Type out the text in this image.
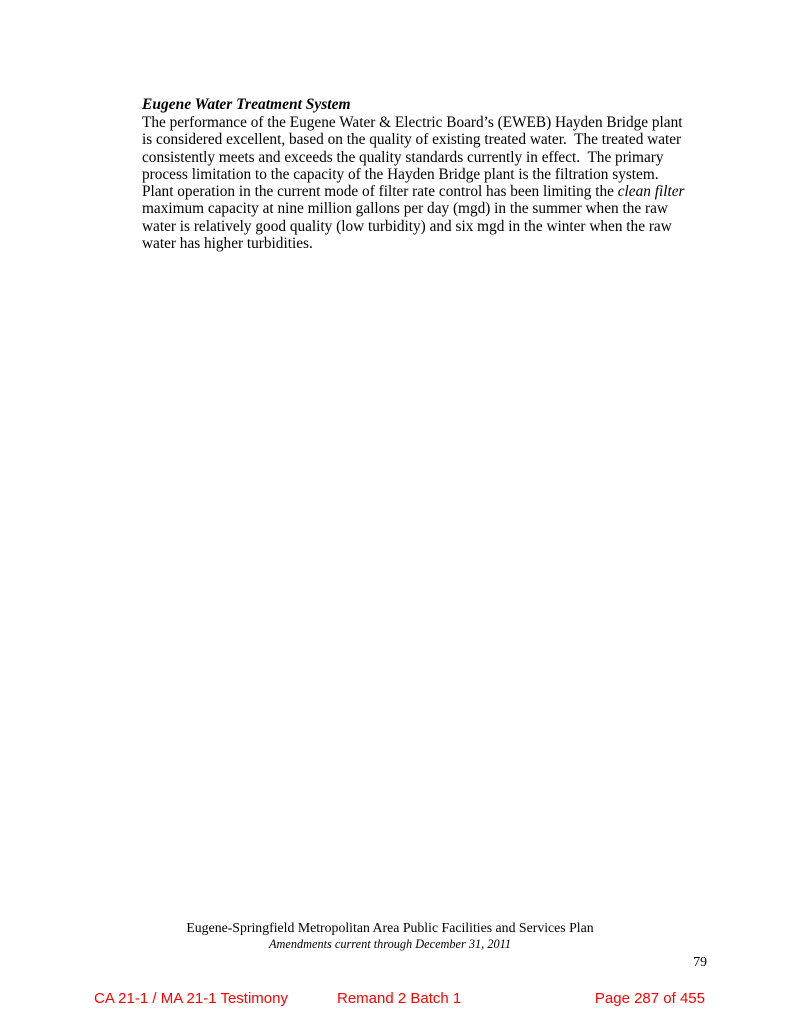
Eugene Water Treatment System
The performance of the Eugene Water & Electric Board’s (EWEB) Hayden Bridge plant
is considered excellent, based on the quality of existing treated water.  The treated water
consistently meets and exceeds the quality standards currently in effect.  The primary
process limitation to the capacity of the Hayden Bridge plant is the filtration system.
Plant operation in the current mode of filter rate control has been limiting the clean filter
maximum capacity at nine million gallons per day (mgd) in the summer when the raw
water is relatively good quality (low turbidity) and six mgd in the winter when the raw
water has higher turbidities.
Eugene-Springfield Metropolitan Area Public Facilities and Services Plan
Amendments current through December 31, 2011
79

CA 21-1 / MA 21-1 Testimony

	Remand 2 Batch 1

	Page 287 of 455
